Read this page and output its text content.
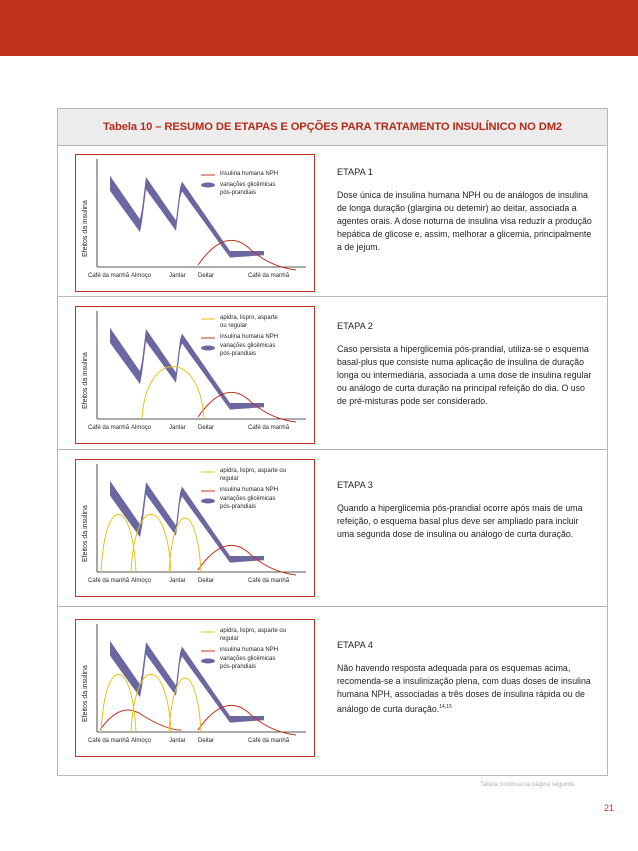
Tabela 10 – RESUMO DE ETAPAS E OPÇÕES PARA TRATAMENTO INSULÍNICO NO DM2
Efeitos da insulina
insulina humana NPH
variações glicêmicas
pós-prandiais
Café da manhã Almoço	Jantar Deitar	Café da manhã
ETAPA 1
Dose única de insulina humana NPH ou de análogos de insulina de longa duração (glargina ou detemir) ao deitar, associada a agentes orais. A dose noturna de insulina visa reduzir a produção hepática de glicose e, assim, melhorar a glicemia, principalmente a de jejum.
Efeitos da insulina
apidra, lispro, asparte
ou regular
insulina humana NPH
variações glicêmicas
pós-prandiais
Café da manhã Almoço	Jantar Deitar	Café da manhã
ETAPA 2
Caso persista a hiperglicemia pós-prandial, utiliza-se o esquema basal-plus que consiste numa aplicação de insulina de duração longa ou intermediária, associada a uma dose de insulina regular ou análogo de curta duração na principal refeição do dia. O uso de pré-misturas pode ser considerado.
Efeitos da insulina
apidra, lispro, asparte ou
regular
insulina humana NPH
variações glicêmicas
pós-prandiais
Café da manhã Almoço	Jantar Deitar	Café da manhã
ETAPA 3
Quando a hiperglicemia pós-prandial ocorre após mais de uma refeição, o esquema basal plus deve ser ampliado para incluir uma segunda dose de insulina ou análogo de curta duração.
Efeitos da insulina
apidra, lispro, asparte ou
regular
insulina humana NPH
variações glicêmicas
pós-prandiais
Café da manhã Almoço	Jantar Deitar	Café da manhã
ETAPA 4
Não havendo resposta adequada para os esquemas acima, recomenda-se a insulinização plena, com duas doses de insulina humana NPH, associadas a três doses de insulina rápida ou de análogo de curta duração.$^{14,15}$
Tabela continua na página seguinte.
21
